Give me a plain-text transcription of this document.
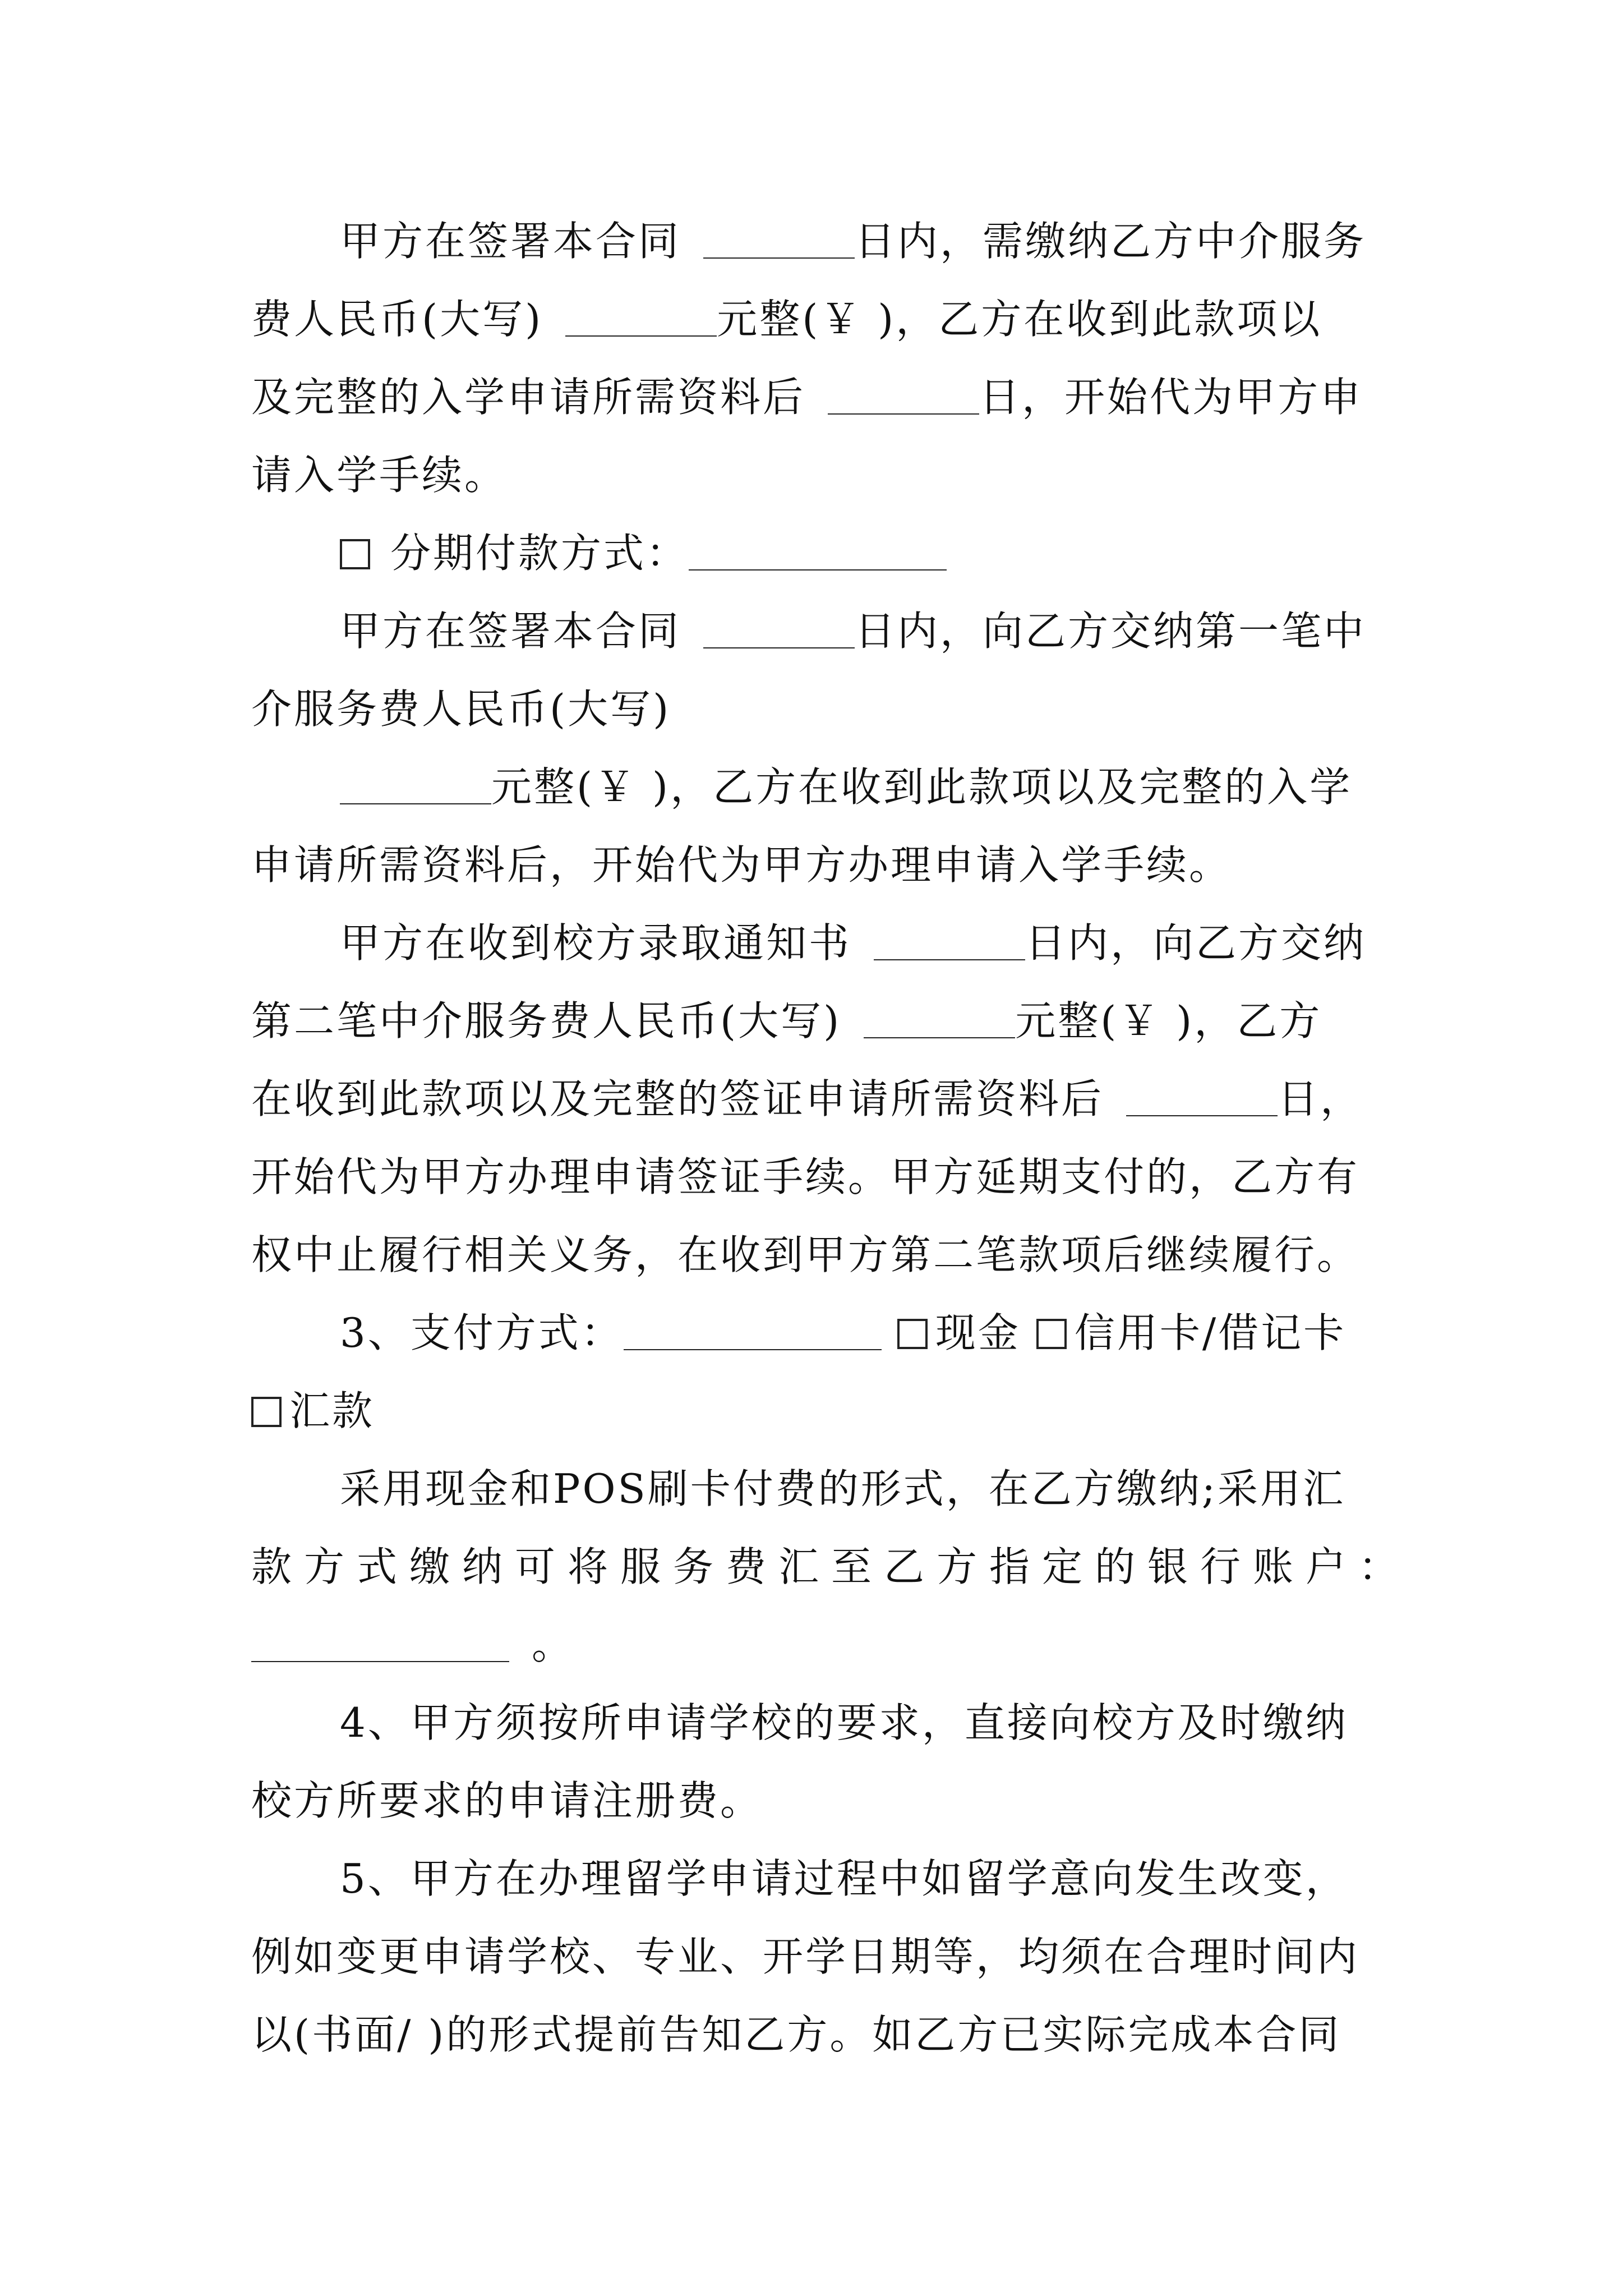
甲方在签署本合同	日内，需缴纳乙方中介服务
费人民币(大写)	元整(￥ )，乙方在收到此款项以
及完整的入学申请所需资料后	日，开始代为甲方申
请入学手续。
分期付款方式：
甲方在签署本合同	日内，向乙方交纳第一笔中
介服务费人民币(大写)
元整(￥ )，乙方在收到此款项以及完整的入学
申请所需资料后，开始代为甲方办理申请入学手续。
甲方在收到校方录取通知书	日内，向乙方交纳
第二笔中介服务费人民币(大写)	元整(￥ )，乙方
在收到此款项以及完整的签证申请所需资料后	日，
开始代为甲方办理申请签证手续。甲方延期支付的，乙方有
权中止履行相关义务，在收到甲方第二笔款项后继续履行。
3、支付方式：	现金 信用卡/借记卡
汇款
采用现金和POS刷卡付费的形式，在乙方缴纳;采用汇
款方式缴纳可将服务费汇至乙方指定的银行账户：
。
4、甲方须按所申请学校的要求，直接向校方及时缴纳
校方所要求的申请注册费。
5、甲方在办理留学申请过程中如留学意向发生改变，
例如变更申请学校、专业、开学日期等，均须在合理时间内
以(书面/ )的形式提前告知乙方。如乙方已实际完成本合同
